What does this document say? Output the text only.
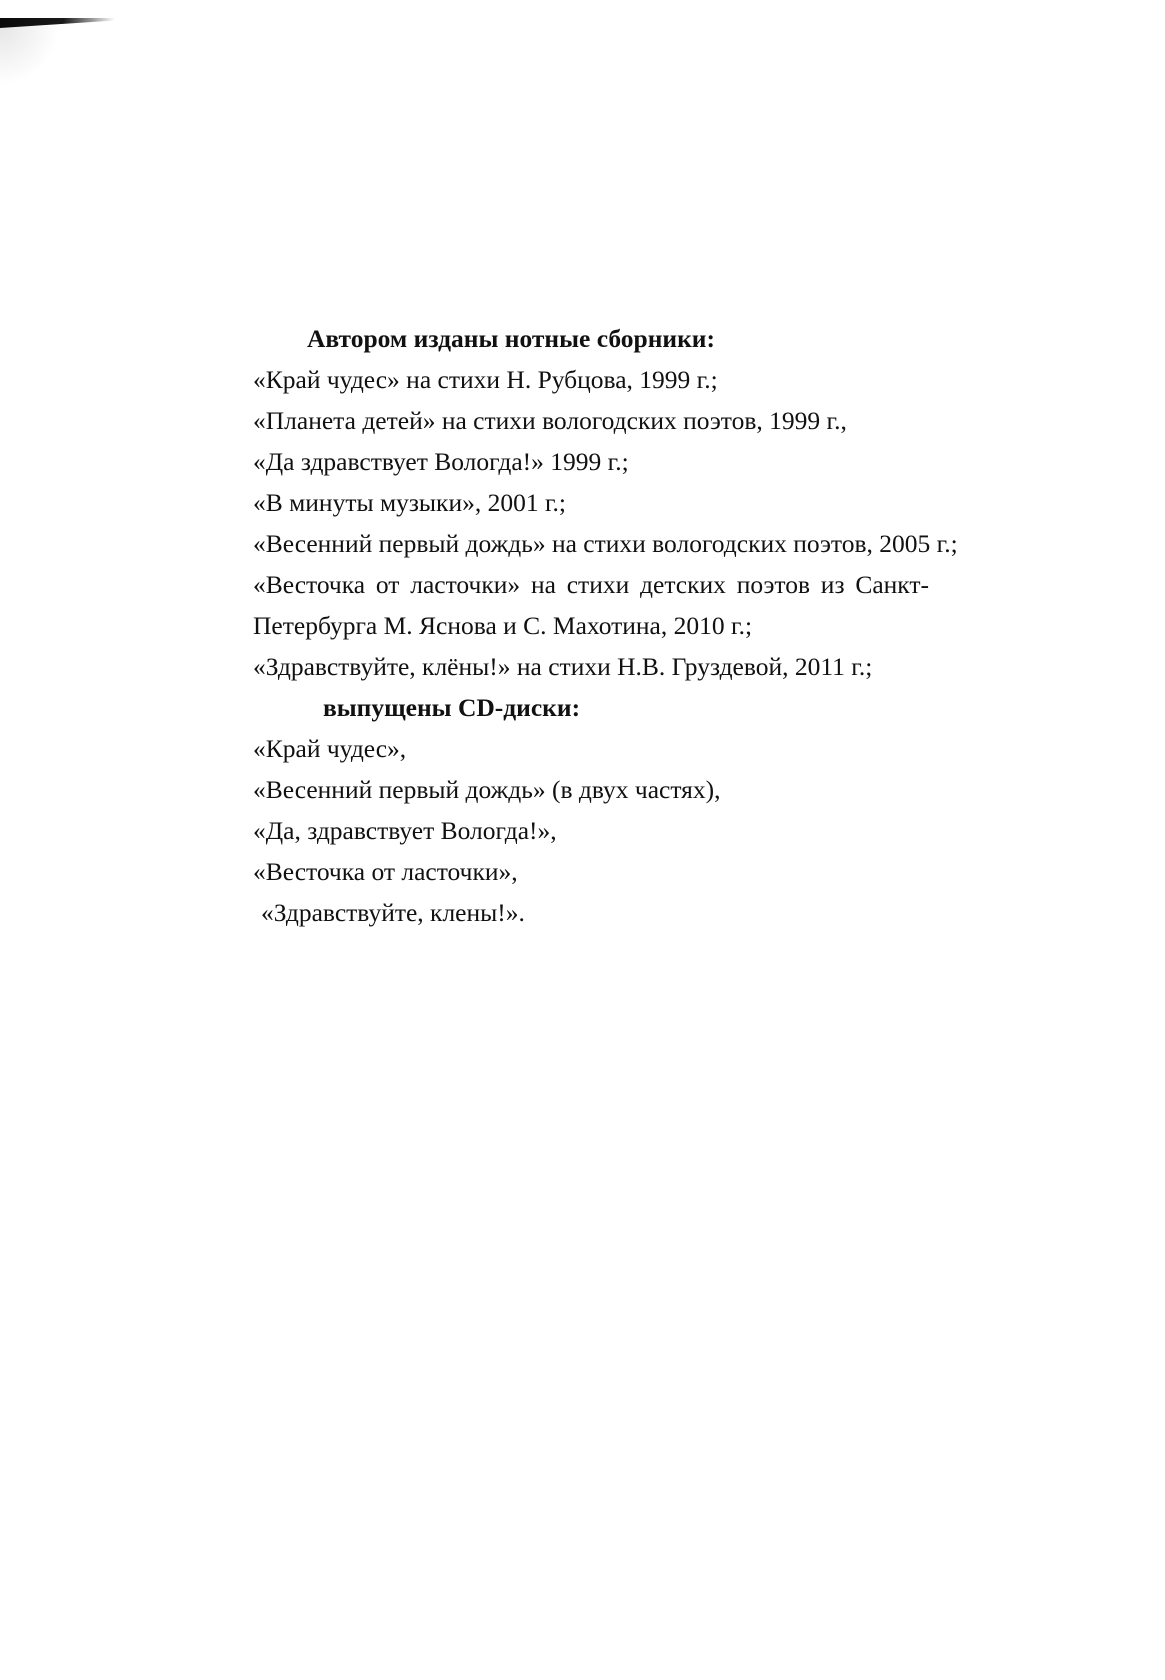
Автором изданы нотные сборники:
«Край чудес» на стихи Н. Рубцова, 1999 г.;
«Планета детей» на стихи вологодских поэтов, 1999 г.,
«Да здравствует Вологда!» 1999 г.;
«В минуты музыки», 2001 г.;
«Весенний первый дождь» на стихи вологодских поэтов, 2005 г.;
«Весточка от ласточки» на стихи детских поэтов из Санкт-
Петербурга М. Яснова и С. Махотина, 2010 г.;
«Здравствуйте, клёны!» на стихи Н.В. Груздевой, 2011 г.;
выпущены CD-диски:
«Край чудес»,
«Весенний первый дождь» (в двух частях),
«Да, здравствует Вологда!»,
«Весточка от ласточки»,
«Здравствуйте, клены!».
